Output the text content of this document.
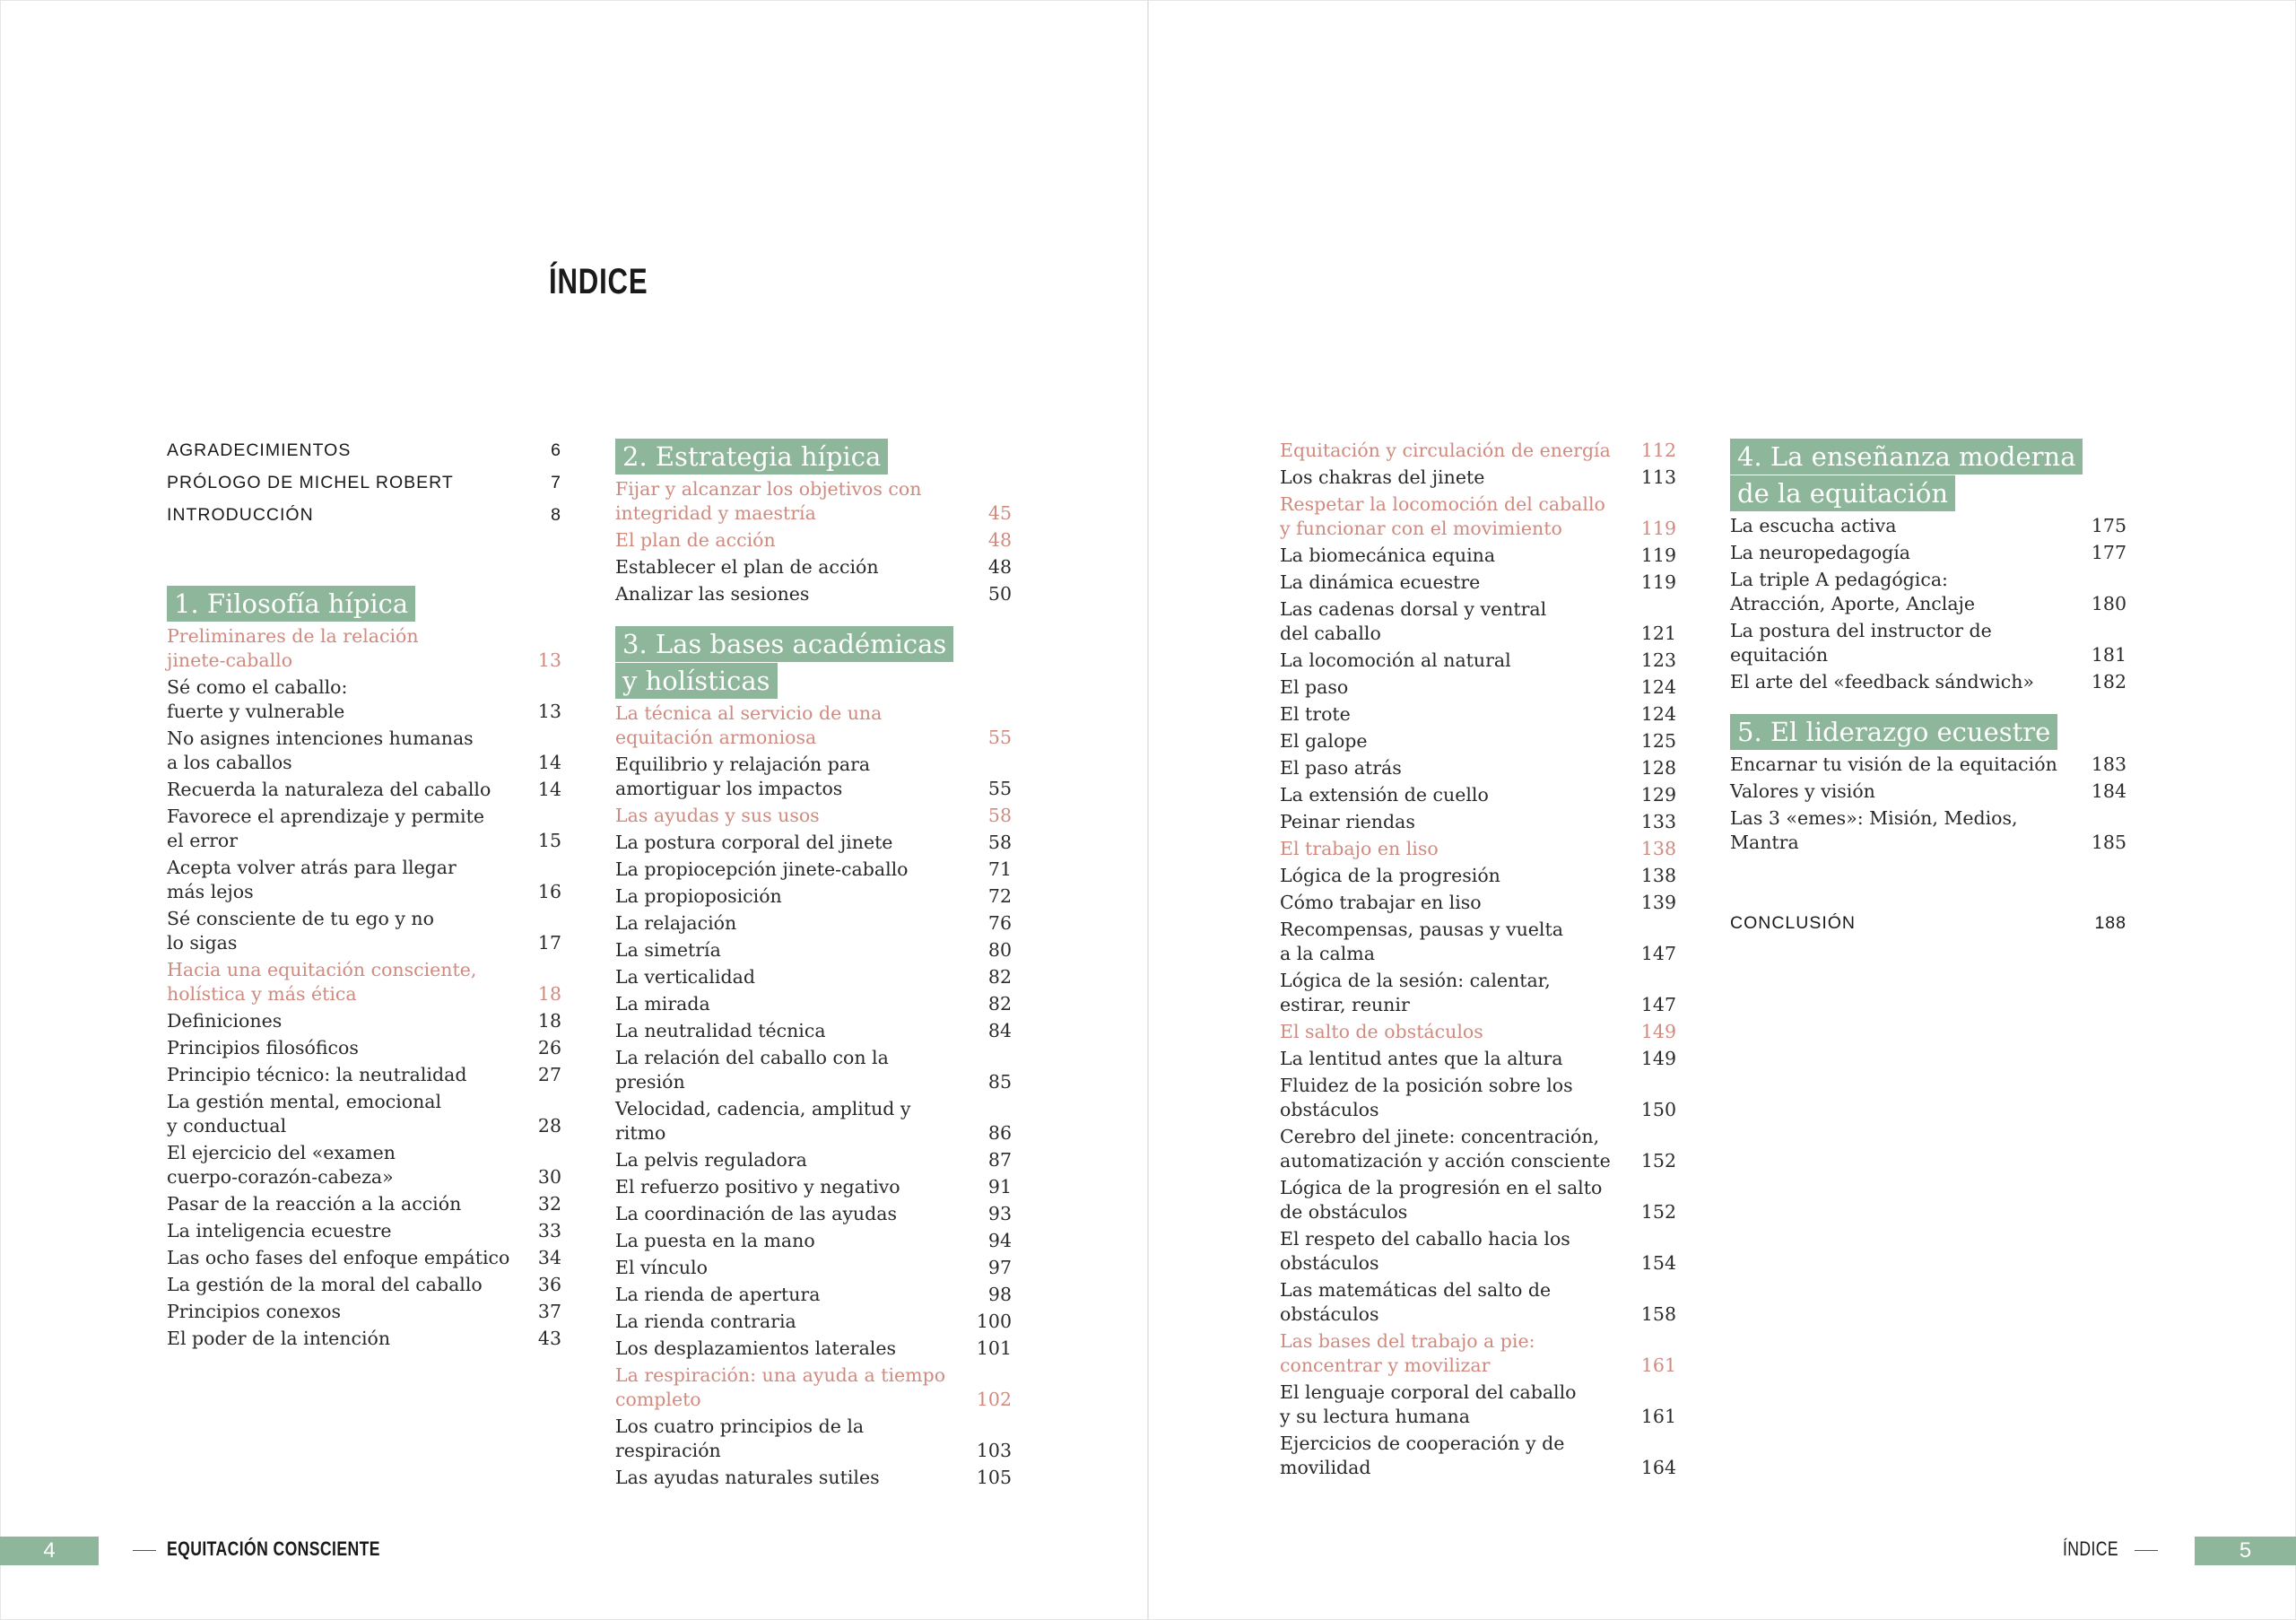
ÍNDICE
AGRADECIMIENTOS	6
PRÓLOGO DE MICHEL ROBERT	7
INTRODUCCIÓN	8
1. Filosofía hípica

Preliminares de la relación
jinete-caballo	13
Sé como el caballo:
fuerte y vulnerable	13
No asignes intenciones humanas
a los caballos	14
Recuerda la naturaleza del caballo	14
Favorece el aprendizaje y permite
el error	15
Acepta volver atrás para llegar
más lejos	16
Sé consciente de tu ego y no
lo sigas	17
Hacia una equitación consciente,
holística y más ética	18
Definiciones	18
Principios filosóficos	26
Principio técnico: la neutralidad	27
La gestión mental, emocional
y conductual	28
El ejercicio del «examen
cuerpo-corazón-cabeza»	30
Pasar de la reacción a la acción	32
La inteligencia ecuestre	33
Las ocho fases del enfoque empático	34
La gestión de la moral del caballo	36
Principios conexos	37
El poder de la intención	43
2. Estrategia hípica

Fijar y alcanzar los objetivos con
integridad y maestría	45
El plan de acción	48
Establecer el plan de acción	48
Analizar las sesiones	50
3. Las bases académicas
y holísticas

La técnica al servicio de una
equitación armoniosa	55
Equilibrio y relajación para
amortiguar los impactos	55
Las ayudas y sus usos	58
La postura corporal del jinete	58
La propiocepción jinete-caballo	71
La propioposición	72
La relajación	76
La simetría	80
La verticalidad	82
La mirada	82
La neutralidad técnica	84
La relación del caballo con la presión	85
Velocidad, cadencia, amplitud y ritmo	86
La pelvis reguladora	87
El refuerzo positivo y negativo	91
La coordinación de las ayudas	93
La puesta en la mano	94
El vínculo	97
La rienda de apertura	98
La rienda contraria	100
Los desplazamientos laterales	101
La respiración: una ayuda a tiempo
completo	102
Los cuatro principios de la respiración	103
Las ayudas naturales sutiles	105
Equitación y circulación de energía	112
Los chakras del jinete	113
Respetar la locomoción del caballo
y funcionar con el movimiento	119
La biomecánica equina	119
La dinámica ecuestre	119
Las cadenas dorsal y ventral
del caballo	121
La locomoción al natural	123
El paso	124
El trote	124
El galope	125
El paso atrás	128
La extensión de cuello	129
Peinar riendas	133
El trabajo en liso	138
Lógica de la progresión	138
Cómo trabajar en liso	139
Recompensas, pausas y vuelta
a la calma	147
Lógica de la sesión: calentar,
estirar, reunir	147
El salto de obstáculos	149
La lentitud antes que la altura	149
Fluidez de la posición sobre los
obstáculos	150
Cerebro del jinete: concentración,
automatización y acción consciente	152
Lógica de la progresión en el salto
de obstáculos	152
El respeto del caballo hacia los
obstáculos	154
Las matemáticas del salto de obstáculos	158
Las bases del trabajo a pie:
concentrar y movilizar	161
El lenguaje corporal del caballo
y su lectura humana	161
Ejercicios de cooperación y de
movilidad	164
4. La enseñanza moderna
de la equitación

La escucha activa	175
La neuropedagogía	177
La triple A pedagógica:
Atracción, Aporte, Anclaje	180
La postura del instructor de equitación	181
El arte del «feedback sándwich»	182
5. El liderazgo ecuestre

Encarnar tu visión de la equitación	183
Valores y visión	184
Las 3 «emes»: Misión, Medios, Mantra	185
CONCLUSIÓN	188
4	EQUITACIÓN CONSCIENTE	ÍNDICE	5
